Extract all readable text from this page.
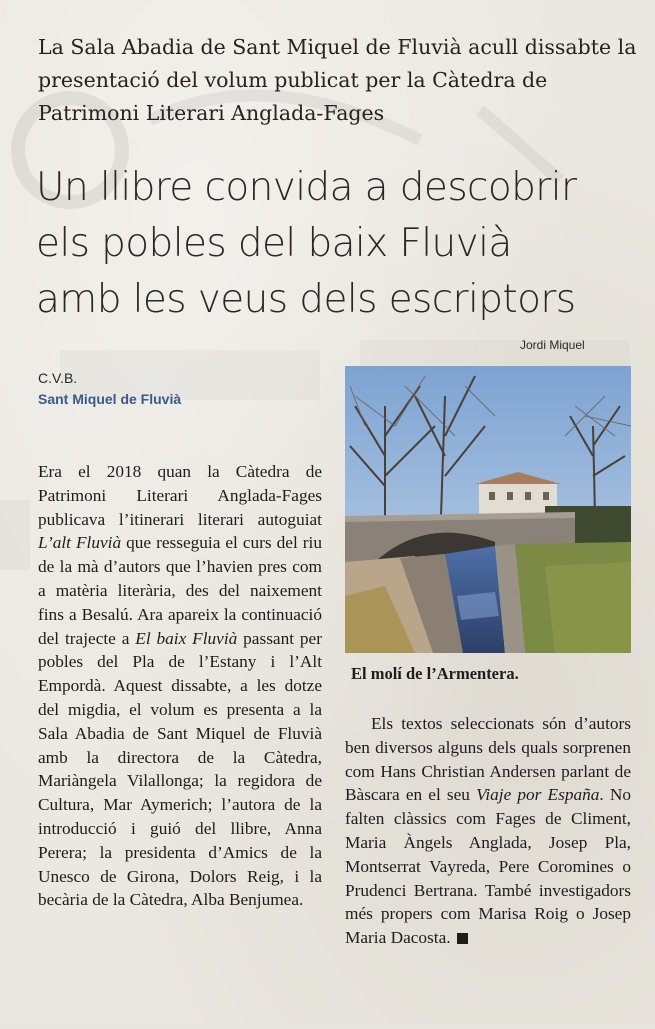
La Sala Abadia de Sant Miquel de Fluvià acull dissabte la presentació del volum publicat per la Càtedra de Patrimoni Literari Anglada-Fages
Un llibre convida a descobrir
els pobles del baix Fluvià
amb les veus dels escriptors
Jordi Miquel
C.V.B.
Sant Miquel de Fluvià

Era el 2018 quan la Càtedra de Patrimoni Literari Anglada-Fages publicava l’itinerari literari autoguiat L’alt Fluvià que resseguia el curs del riu de la mà d’autors que l’havien pres com a matèria literària, des del naixement fins a Besalú. Ara apareix la continuació del trajecte a El baix Fluvià passant per pobles del Pla de l’Estany i l’Alt Empordà. Aquest dissabte, a les dotze del migdia, el volum es presenta a la Sala Abadia de Sant Miquel de Fluvià amb la directora de la Càtedra, Mariàngela Vilallonga; la regidora de Cultura, Mar Aymerich; l’autora de la introducció i guió del llibre, Anna Perera; la presidenta d’Amics de la Unesco de Girona, Dolors Reig, i la becària de la Càtedra, Alba Benjumea.

El molí de l’Armentera.

Els textos seleccionats són d’autors ben diversos alguns dels quals sorprenen com Hans Christian Andersen parlant de Bàscara en el seu Viaje por España. No falten clàssics com Fages de Climent, Maria Àngels Anglada, Josep Pla, Montserrat Vayreda, Pere Coromines o Prudenci Bertrana. També investigadors més propers com Marisa Roig o Josep Maria Dacosta.
